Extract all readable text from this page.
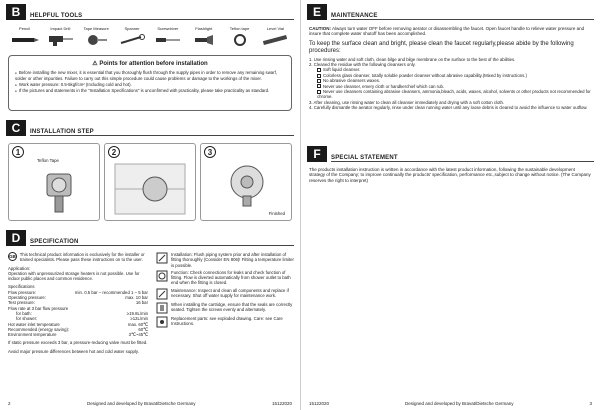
B	HELPFUL TOOLS
Pencil	Impact Drill	Tape Measure	Spanner	Screwdriver	Flashlight	Teflon tape	Level Vial
⚠ Points for attention before installation
● Before installing the new mixer, it is essential that you thoroughly flush through the supply pipes in order to remove any remaining swarf, solder or other impurities. Failure to carry out this simple procedure could cause problems or damage to the workings of the mixer.
● Work water pressure: 0.5-5kgf/cm² (Including cold and hot).
● If the pictures and statements in the "Installation Specifications" is unconfirmed with practicality, please take practicality as standard.
C	INSTALLATION STEP
1
Teflon Tape
2	3
Finished
D	SPECIFICATION
GB This technical product information is exclusively for the installer or trained specialists. Please pass these instructions on to the user.
Application:
Operation with unpressurized storage heaters is not possible. Use for indoor public places and common residence.
Specifications
Flow pressure:	min. 0.5 bar – recommended 1 – 5 bar
Operating pressure:	max. 10 bar
Test pressure:	16 bar
Flow rate at 3 bar flow pressure
for bath:	≥19.8L/min
for shower:	≥12L/min
Hot water inlet temperature	max. 60℃
Recommended (energy saving):	60℃
Environment temperature	3℃~45℃
If static pressure exceeds 3 bar, a pressure-reducing valve must be fitted.
Avoid major pressure differences between hot and cold water supply.
Installation: Flush piping system prior and after installation of fitting thoroughly (Consider EN 806)! Fitting a temperature limiter is possible.
Function: Check connections for leaks and check function of fitting. Flow is diverted automatically from shower outlet to bath end when the fitting is closed.
Maintenance: Inspect and clean all components and replace if necessary. Shut off water supply for maintenance work.
When installing the cartridge, ensure that the seals are correctly seated. Tighten the screws evenly and alternately.
Replacement parts: see exploded drawing. Care: see Care Instructions.
2	Designed and developed by Bravat/Dietsche Germany	15122020
E	MAINTENANCE
CAUTION: Always turn water OFF before removing aerator or disassembling the faucet. Open faucet handle to relieve water pressure and insure that complete water shutoff has been accomplished.
To keep the surface clean and bright, please clean the faucet regularly,please abide by the following procedures:
1. Use rinsing water and soft cloth, clean bilge and bilge membrane on the surface to the best of the abilities.
2. Cleaned the residue with the following cleansers only.
Soft liquid cleanser.
Colorless glass cleanser, totally soluble powder cleanser without abrasive capability.(Mixed by instructions.)
No abrasive cleansers waxes.
Never use cleanser, emery cloth or handkerchief which can rub.
Never use cleansers containing abrasive cleansers, ammonia,bleach, acids, waxes, alcohol, solvents or other products not recommended for chrome.
3. After cleaning, use rinsing water to clean all cleanser immediately and drying with a soft cotton cloth.
4. Carefully dismantle the aerator regularly, rinse under clean running water until any loose debris is cleared to avoid the influence to water outflow.
F	SPECIAL STATEMENT
The products installation instruction is written in accordance with the latest product information, following the sustainable development strategy of the Company; to improve continually the products' specification, performance etc.,subject to change without notice. (The Company reserves the right to interpret)
15122020	Designed and developed by Bravat/Dietsche Germany	3
